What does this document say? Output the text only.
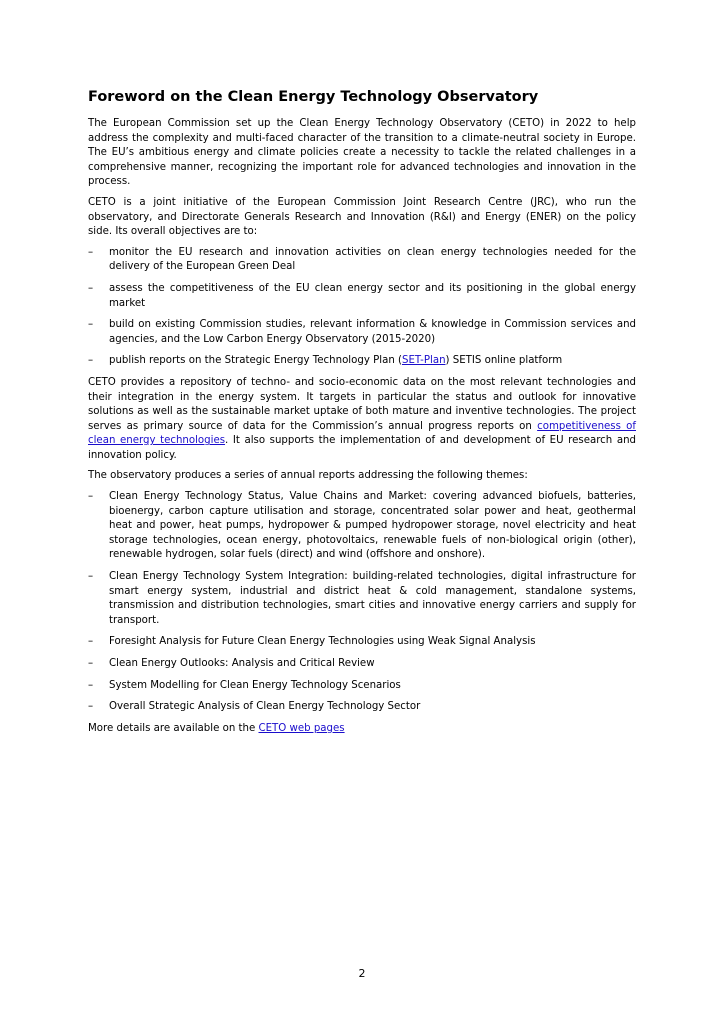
Foreword on the Clean Energy Technology Observatory

The European Commission set up the Clean Energy Technology Observatory (CETO) in 2022 to help address the complexity and multi-faced character of the transition to a climate-neutral society in Europe. The EU’s ambitious energy and climate policies create a necessity to tackle the related challenges in a comprehensive manner, recognizing the important role for advanced technologies and innovation in the process.

CETO is a joint initiative of the European Commission Joint Research Centre (JRC), who run the observatory, and Directorate Generals Research and Innovation (R&I) and Energy (ENER) on the policy side. Its overall objectives are to:

– monitor the EU research and innovation activities on clean energy technologies needed for the delivery of the European Green Deal
– assess the competitiveness of the EU clean energy sector and its positioning in the global energy market
– build on existing Commission studies, relevant information & knowledge in Commission services and agencies, and the Low Carbon Energy Observatory (2015-2020)
– publish reports on the Strategic Energy Technology Plan (SET-Plan) SETIS online platform

CETO provides a repository of techno- and socio-economic data on the most relevant technologies and their integration in the energy system. It targets in particular the status and outlook for innovative solutions as well as the sustainable market uptake of both mature and inventive technologies. The project serves as primary source of data for the Commission’s annual progress reports on competitiveness of clean energy technologies. It also supports the implementation of and development of EU research and innovation policy.

The observatory produces a series of annual reports addressing the following themes:

– Clean Energy Technology Status, Value Chains and Market: covering advanced biofuels, batteries, bioenergy, carbon capture utilisation and storage, concentrated solar power and heat, geothermal heat and power, heat pumps, hydropower & pumped hydropower storage, novel electricity and heat storage technologies, ocean energy, photovoltaics, renewable fuels of non-biological origin (other), renewable hydrogen, solar fuels (direct) and wind (offshore and onshore).
– Clean Energy Technology System Integration: building-related technologies, digital infrastructure for smart energy system, industrial and district heat & cold management, standalone systems, transmission and distribution technologies, smart cities and innovative energy carriers and supply for transport.
– Foresight Analysis for Future Clean Energy Technologies using Weak Signal Analysis
– Clean Energy Outlooks: Analysis and Critical Review
– System Modelling for Clean Energy Technology Scenarios
– Overall Strategic Analysis of Clean Energy Technology Sector

More details are available on the CETO web pages

2
